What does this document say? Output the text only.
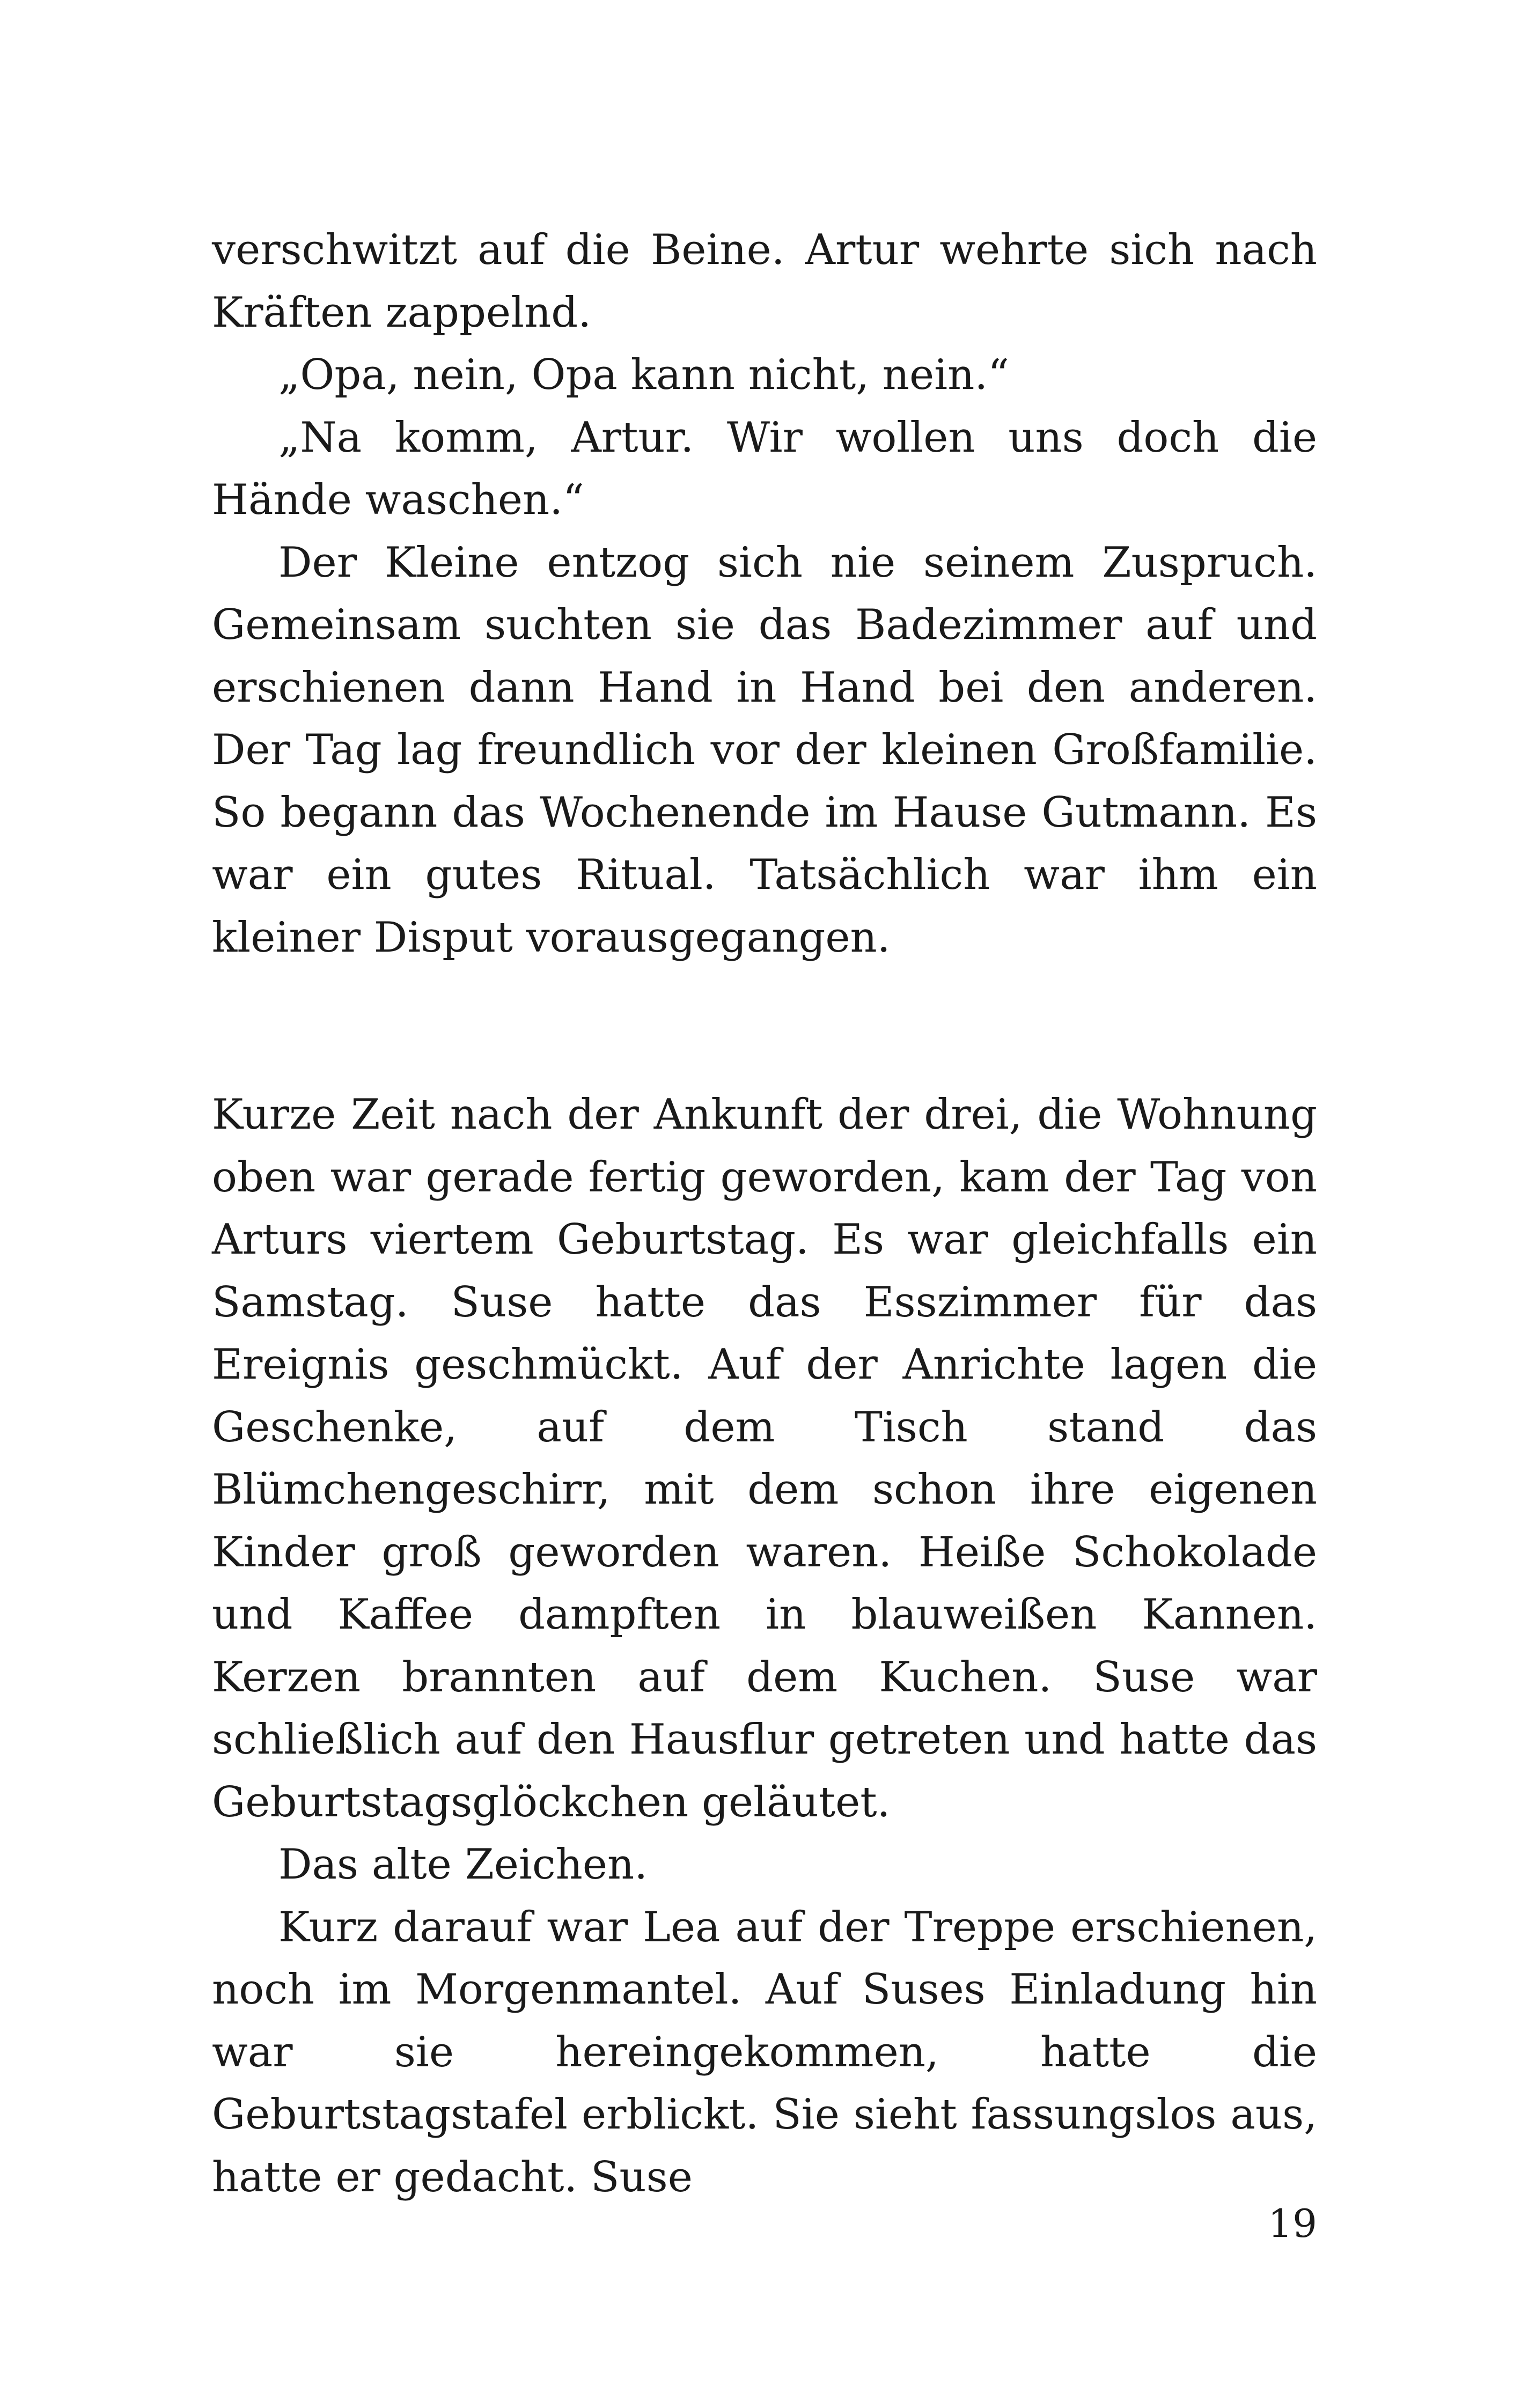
verschwitzt auf die Beine. Artur wehrte sich nach Kräften zappelnd.

„Opa, nein, Opa kann nicht, nein.“

„Na komm, Artur. Wir wollen uns doch die Hände waschen.“

Der Kleine entzog sich nie seinem Zuspruch. Gemeinsam suchten sie das Badezimmer auf und erschienen dann Hand in Hand bei den anderen. Der Tag lag freundlich vor der kleinen Großfamilie. So begann das Wochenende im Hause Gutmann. Es war ein gutes Ritual. Tatsächlich war ihm ein kleiner Disput vorausgegangen.

Kurze Zeit nach der Ankunft der drei, die Wohnung oben war gerade fertig geworden, kam der Tag von Arturs viertem Geburtstag. Es war gleichfalls ein Samstag. Suse hatte das Esszimmer für das Ereignis geschmückt. Auf der Anrichte lagen die Geschenke, auf dem Tisch stand das Blümchengeschirr, mit dem schon ihre eigenen Kinder groß geworden waren. Heiße Schokolade und Kaffee dampften in blauweißen Kannen. Kerzen brannten auf dem Kuchen. Suse war schließlich auf den Hausflur getreten und hatte das Geburtstagsglöckchen geläutet.

Das alte Zeichen.

Kurz darauf war Lea auf der Treppe erschienen, noch im Morgenmantel. Auf Suses Einladung hin war sie hereingekommen, hatte die Geburtstagstafel erblickt. Sie sieht fassungslos aus, hatte er gedacht. Suse

19
